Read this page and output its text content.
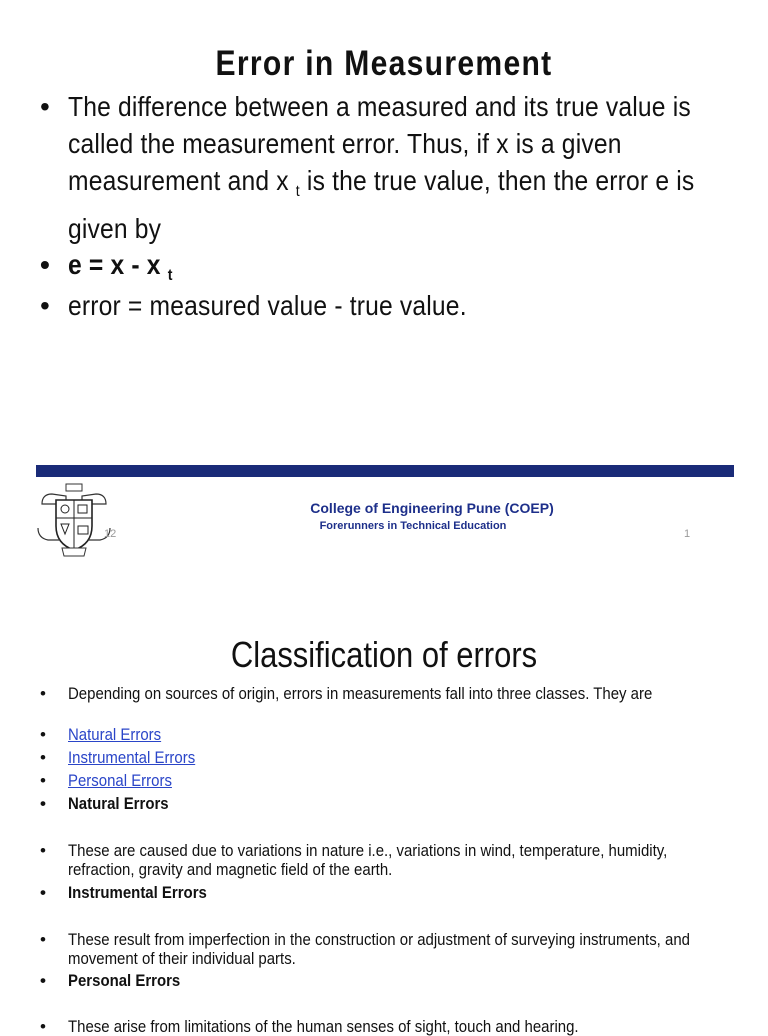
Error in Measurement
• The difference between a measured and its true value is called the measurement error. Thus, if x is a given measurement and x $_t$ is the true value, then the error e is given by
• e = x - x $_t$
• error = measured value - true value.
College of Engineering Pune (COEP)
Forerunners in Technical Education
12	1
Classification of errors
• Depending on sources of origin, errors in measurements fall into three classes. They are
• Natural Errors
• Instrumental Errors
• Personal Errors
• Natural Errors
• These are caused due to variations in nature i.e., variations in wind, temperature, humidity, refraction, gravity and magnetic field of the earth.
• Instrumental Errors
• These result from imperfection in the construction or adjustment of surveying instruments, and movement of their individual parts.
• Personal Errors
• These arise from limitations of the human senses of sight, touch and hearing.
